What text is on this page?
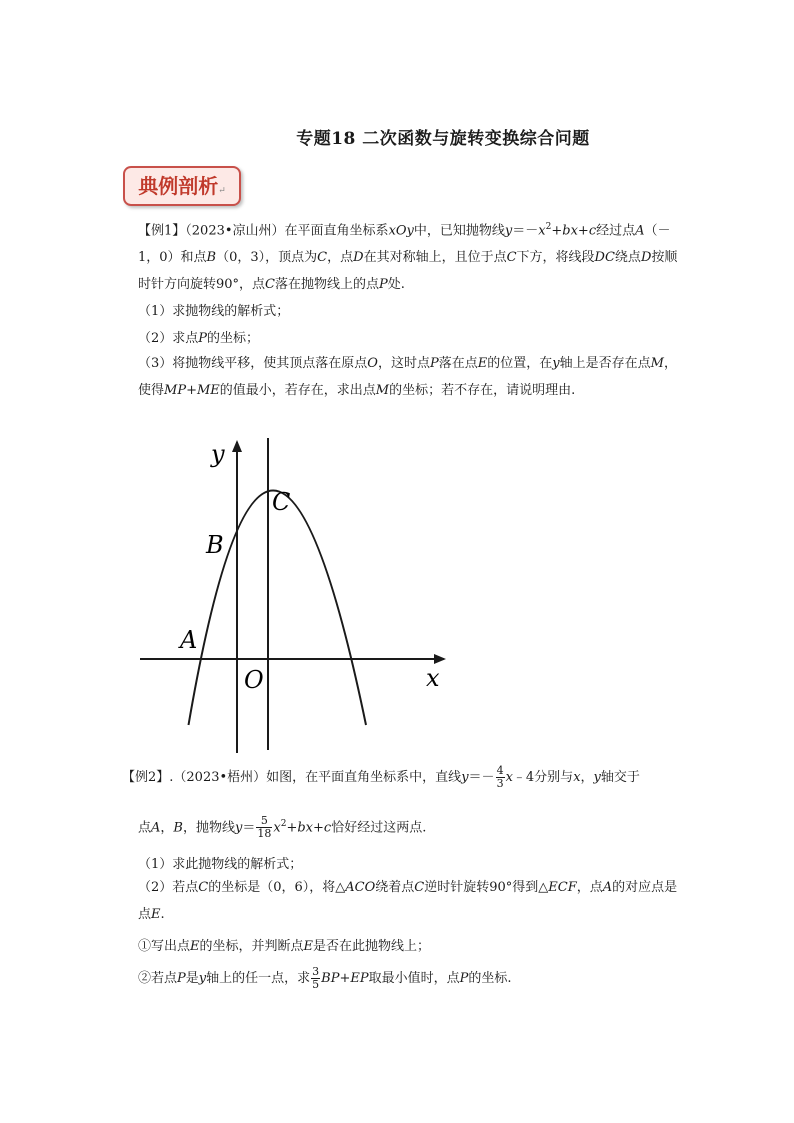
专题18 二次函数与旋转变换综合问题
典例剖析↵
【例1】（2023•凉山州）在平面直角坐标系xOy中，已知抛物线$y=-x^2+bx+c$经过点A（－1，0）和点B（0，3），顶点为C，点D在其对称轴上，且位于点C下方，将线段DC绕点D按顺时针方向旋转90°，点C落在抛物线上的点P处.
（1）求抛物线的解析式；
（2）求点P的坐标；
（3）将抛物线平移，使其顶点落在原点O，这时点P落在点E的位置，在y轴上是否存在点M，使得MP+ME的值最小，若存在，求出点M的坐标；若不存在，请说明理由.
y
x
O
A
B
C
【例2】.（2023•梧州）如图，在平面直角坐标系中，直线$y=- \frac{4}{3}$ x﹣4分别与x，y轴交于
点A，B，抛物线$y= \frac{5}{18} x^2+bx+c$恰好经过这两点.
（1）求此抛物线的解析式；
（2）若点C的坐标是（0，6），将△ACO绕着点C逆时针旋转90°得到△ECF，点A的对应点是点E.
①写出点E的坐标，并判断点E是否在此抛物线上；
②若点P是y轴上的任一点，求 $\frac{3}{5} BP+EP$取最小值时，点P的坐标.
